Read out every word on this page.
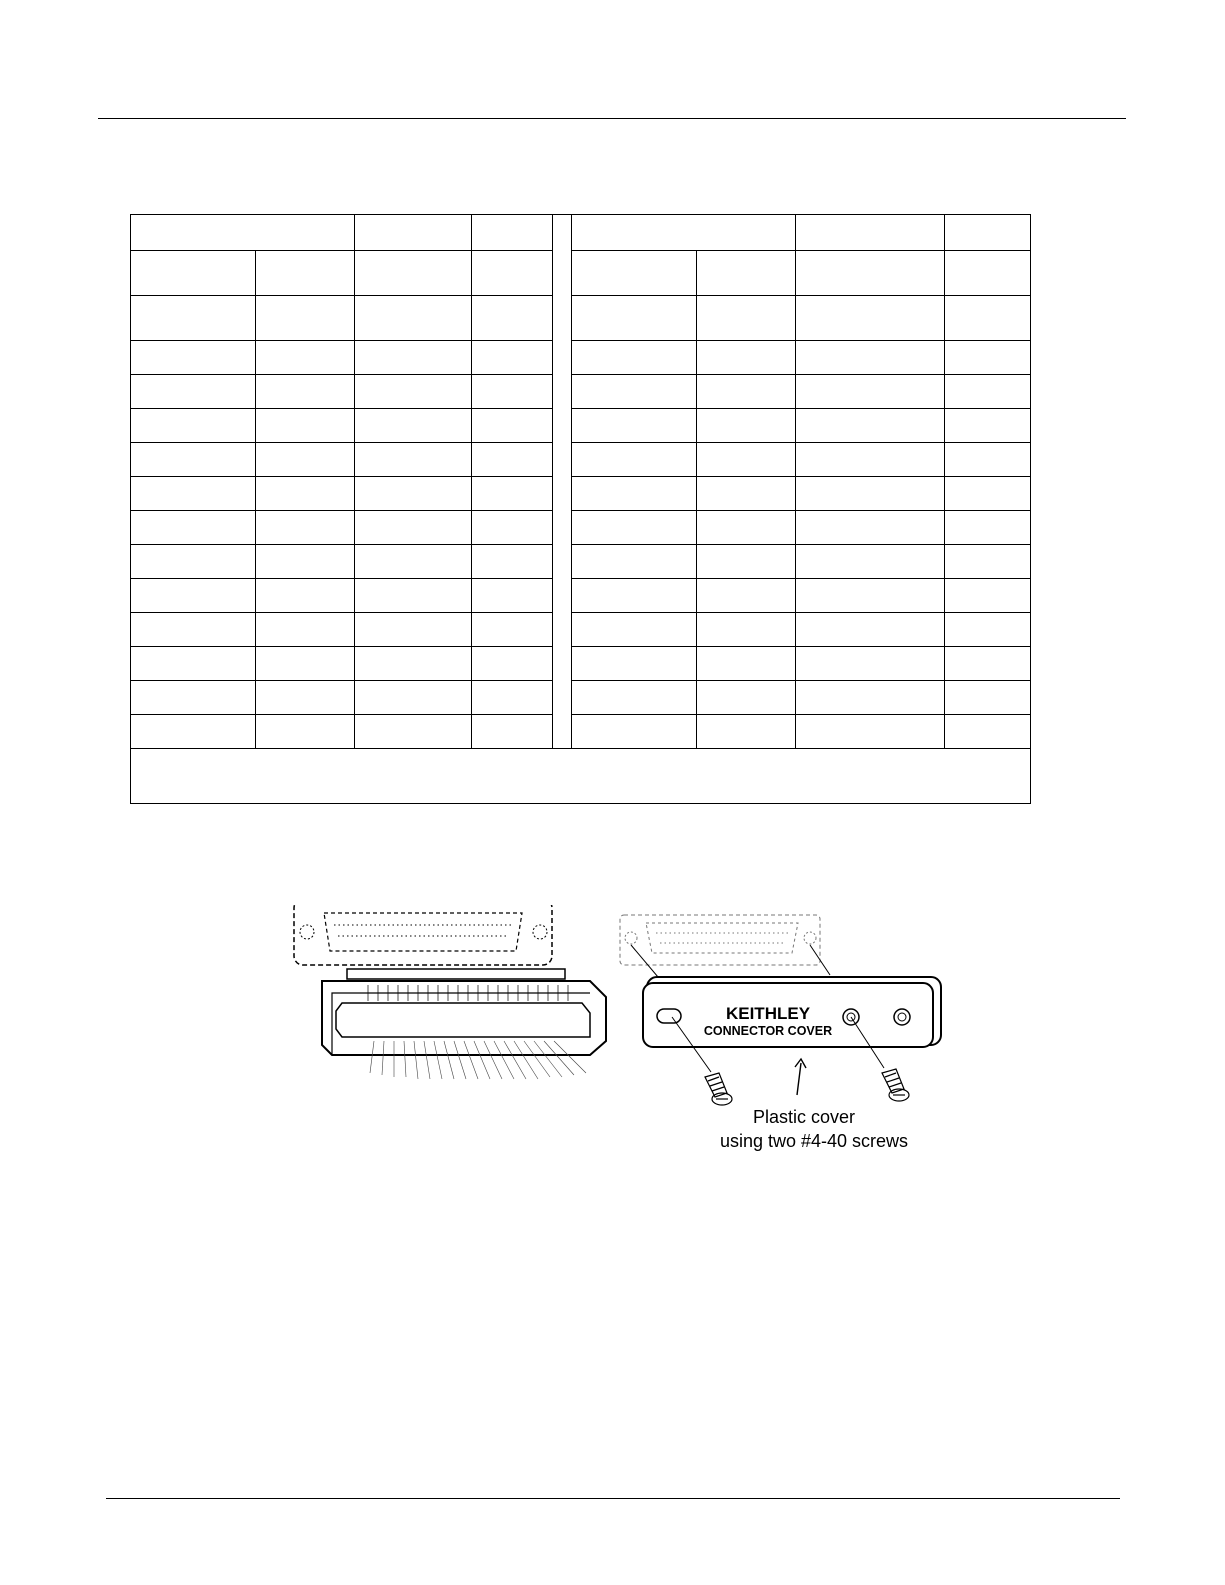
KEITHLEY
CONNECTOR COVER
Plastic cover
using two #4-40 screws
